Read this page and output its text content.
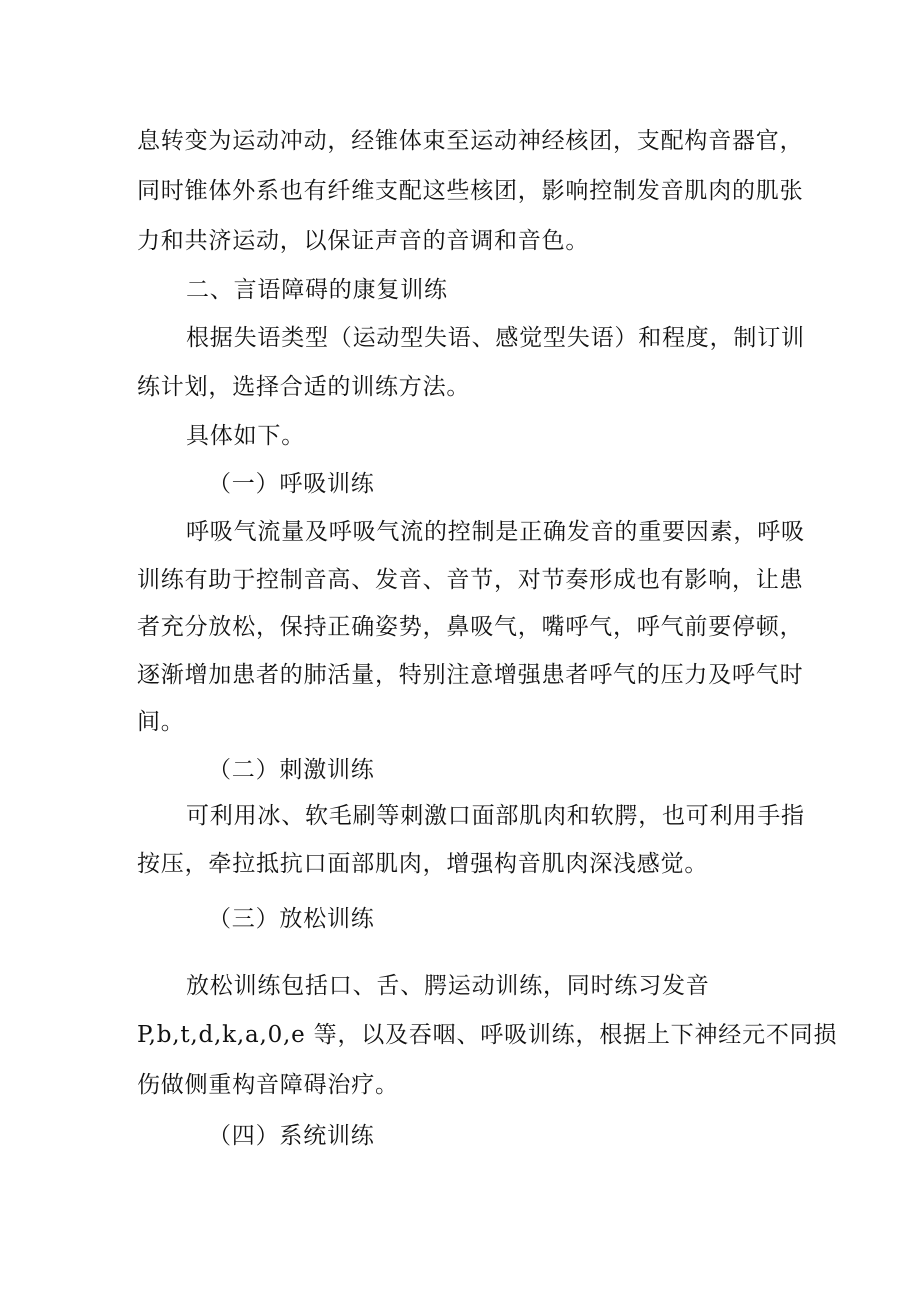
息转变为运动冲动，经锥体束至运动神经核团，支配构音器官，
同时锥体外系也有纤维支配这些核团，影响控制发音肌肉的肌张
力和共济运动，以保证声音的音调和音色。
二、言语障碍的康复训练
根据失语类型（运动型失语、感觉型失语）和程度，制订训
练计划，选择合适的训练方法。
具体如下。
（一）呼吸训练
呼吸气流量及呼吸气流的控制是正确发音的重要因素，呼吸
训练有助于控制音高、发音、音节，对节奏形成也有影响，让患
者充分放松，保持正确姿势，鼻吸气，嘴呼气，呼气前要停顿，
逐渐增加患者的肺活量，特别注意增强患者呼气的压力及呼气时
间。
（二）刺激训练
可利用冰、软毛刷等刺激口面部肌肉和软腭，也可利用手指
按压，牵拉抵抗口面部肌肉，增强构音肌肉深浅感觉。
（三）放松训练
放松训练包括口、舌、腭运动训练，同时练习发音
P,b,t,d,k,a,0,e 等，以及吞咽、呼吸训练，根据上下神经元不同损
伤做侧重构音障碍治疗。
（四）系统训练
